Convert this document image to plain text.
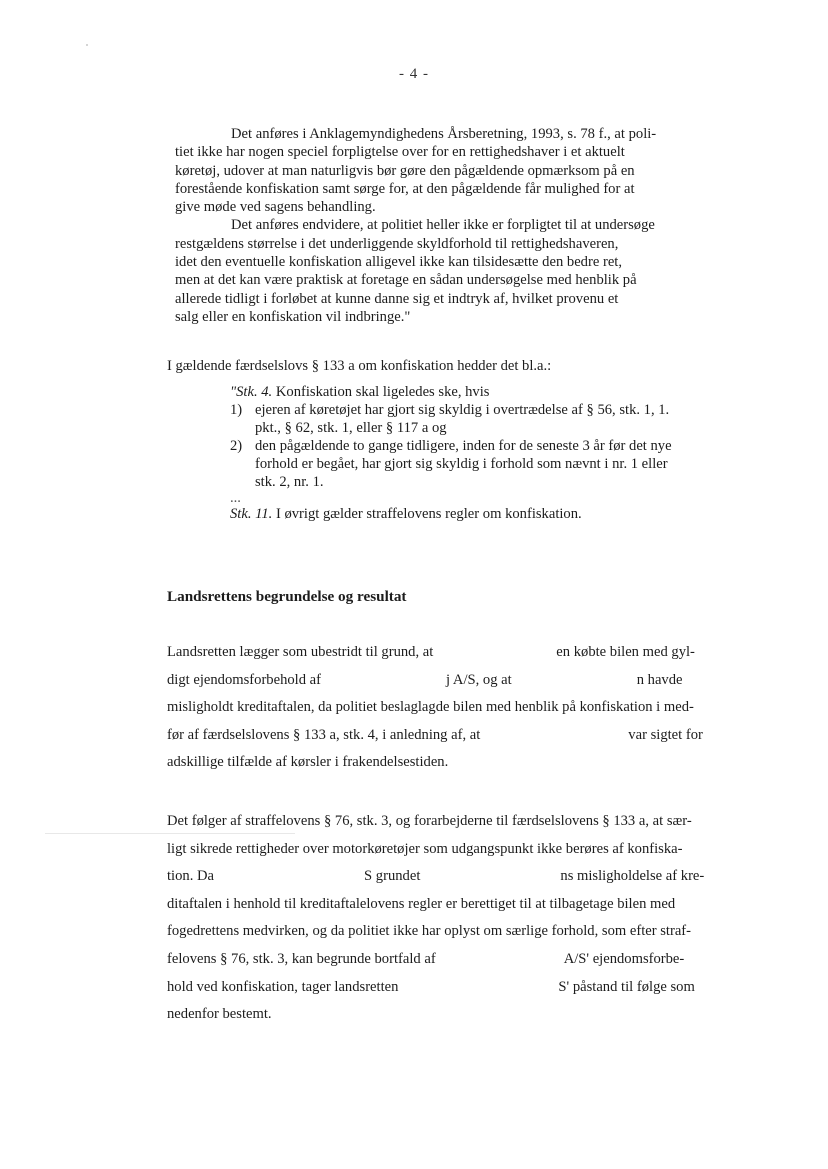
- 4 -

Det anføres i Anklagemyndighedens Årsberetning, 1993, s. 78 f., at poli-
tiet ikke har nogen speciel forpligtelse over for en rettighedshaver i et aktuelt
køretøj, udover at man naturligvis bør gøre den pågældende opmærksom på en
forestående konfiskation samt sørge for, at den pågældende får mulighed for at
give møde ved sagens behandling.

Det anføres endvidere, at politiet heller ikke er forpligtet til at undersøge
restgældens størrelse i det underliggende skyldforhold til rettighedshaveren,
idet den eventuelle konfiskation alligevel ikke kan tilsidesætte den bedre ret,
men at det kan være praktisk at foretage en sådan undersøgelse med henblik på
allerede tidligt i forløbet at kunne danne sig et indtryk af, hvilket provenu et
salg eller en konfiskation vil indbringe."

I gældende færdselslovs § 133 a om konfiskation hedder det bl.a.:

"Stk. 4. Konfiskation skal ligeledes ske, hvis

1) ejeren af køretøjet har gjort sig skyldig i overtrædelse af § 56, stk. 1, 1.
pkt., § 62, stk. 1, eller § 117 a og
2) den pågældende to gange tidligere, inden for de seneste 3 år før det nye
forhold er begået, har gjort sig skyldig i forhold som nævnt i nr. 1 eller
stk. 2, nr. 1.

...

Stk. 11. I øvrigt gælder straffelovens regler om konfiskation.

Landsrettens begrundelse og resultat

Landsretten lægger som ubestridt til grund, at	en købte bilen med gyl-

digt ejendomsforbehold af	j A/S, og at	n havde

misligholdt kreditaftalen, da politiet beslaglagde bilen med henblik på konfiskation i med-

før af færdselslovens § 133 a, stk. 4, i anledning af, at	var sigtet for

adskillige tilfælde af kørsler i frakendelsestiden.

Det følger af straffelovens § 76, stk. 3, og forarbejderne til færdselslovens § 133 a, at sær-

ligt sikrede rettigheder over motorkøretøjer som udgangspunkt ikke berøres af konfiska-

tion. Da	S grundet	ns misligholdelse af kre-

ditaftalen i henhold til kreditaftalelovens regler er berettiget til at tilbagetage bilen med

fogedrettens medvirken, og da politiet ikke har oplyst om særlige forhold, som efter straf-

felovens § 76, stk. 3, kan begrunde bortfald af	A/S' ejendomsforbe-

hold ved konfiskation, tager landsretten	S' påstand til følge som

nedenfor bestemt.
